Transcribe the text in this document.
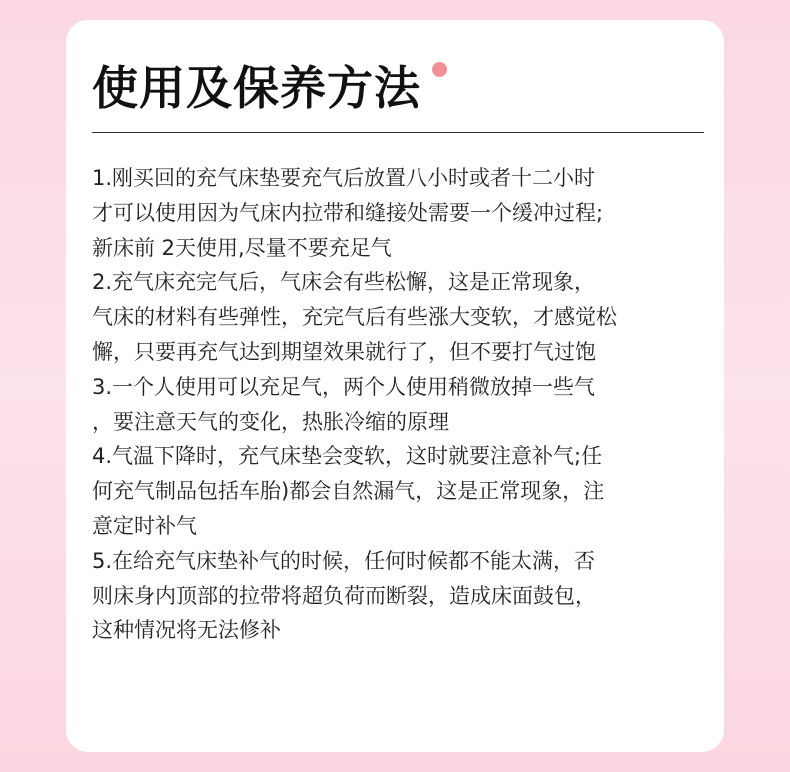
使用及保养方法
1.刚买回的充气床垫要充气后放置八小时或者十二小时
才可以使用因为气床内拉带和缝接处需要一个缓冲过程;
新床前 2天使用,尽量不要充足气
2.充气床充完气后，气床会有些松懈，这是正常现象，
气床的材料有些弹性，充完气后有些涨大变软，才感觉松
懈，只要再充气达到期望效果就行了，但不要打气过饱
3.一个人使用可以充足气，两个人使用稍微放掉一些气
，要注意天气的变化，热胀冷缩的原理
4.气温下降时，充气床垫会变软，这时就要注意补气;任
何充气制品包括车胎)都会自然漏气，这是正常现象，注
意定时补气
5.在给充气床垫补气的时候，任何时候都不能太满，否
则床身内顶部的拉带将超负荷而断裂，造成床面鼓包，
这种情况将无法修补
